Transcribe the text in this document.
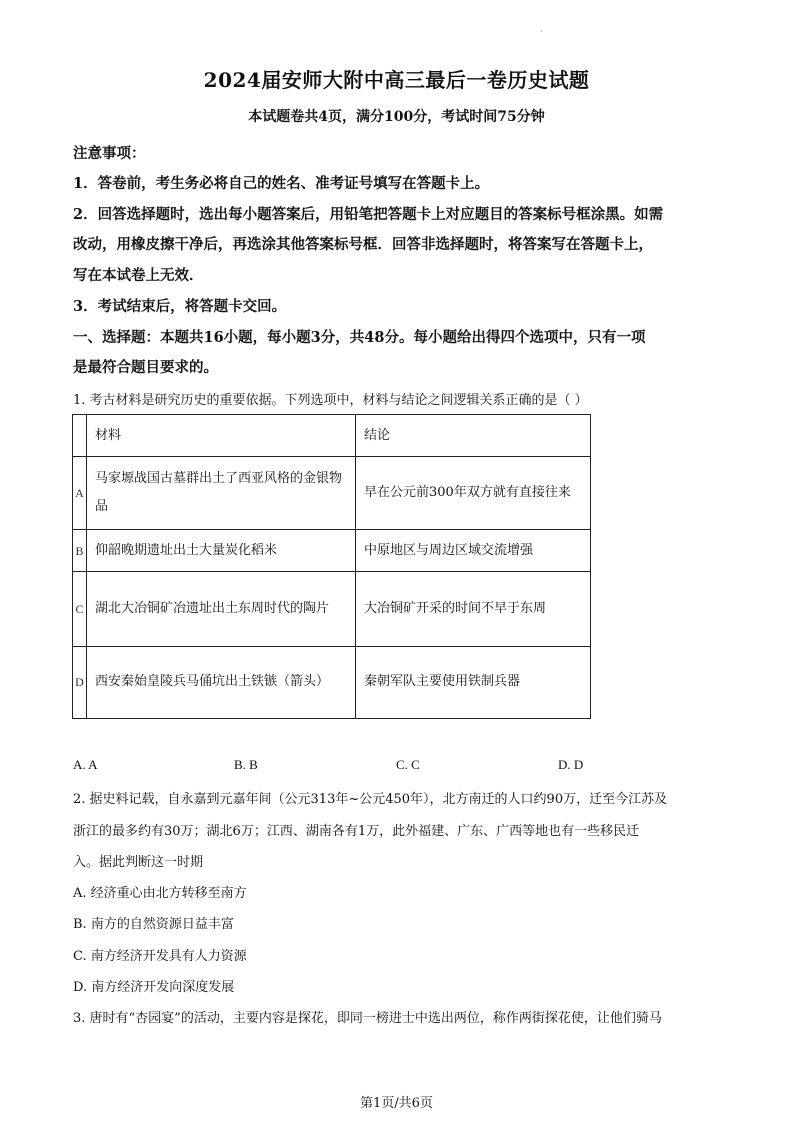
·
2024届安师大附中高三最后一卷历史试题
本试题卷共4页，满分100分，考试时间75分钟
注意事项：
1．答卷前，考生务必将自己的姓名、准考证号填写在答题卡上。
2．回答选择题时，选出每小题答案后，用铅笔把答题卡上对应题目的答案标号框涂黑。如需
改动，用橡皮擦干净后，再选涂其他答案标号框．回答非选择题时，将答案写在答题卡上，
写在本试卷上无效．
3．考试结束后，将答题卡交回。
一、选择题：本题共16小题，每小题3分，共48分。每小题给出得四个选项中，只有一项
是最符合题目要求的。
1. 考古材料是研究历史的重要依据。下列选项中，材料与结论之间逻辑关系正确的是（ ）
	材料	结论
A	马家塬战国古墓群出土了西亚风格的金银物品	早在公元前300年双方就有直接往来
B	仰韶晚期遗址出土大量炭化稻米	中原地区与周边区域交流增强
C	湖北大冶铜矿冶遗址出土东周时代的陶片	大冶铜矿开采的时间不早于东周
D	西安秦始皇陵兵马俑坑出土铁镞（箭头）	秦朝军队主要使用铁制兵器
A. A	B. B	C. C	D. D
2. 据史料记载，自永嘉到元嘉年间（公元313年~公元450年），北方南迁的人口约90万，迁至今江苏及
浙江的最多约有30万；湖北6万；江西、湖南各有1万，此外福建、广东、广西等地也有一些移民迁
入。据此判断这一时期
A. 经济重心由北方转移至南方
B. 南方的自然资源日益丰富
C. 南方经济开发具有人力资源
D. 南方经济开发向深度发展
3. 唐时有“杏园宴”的活动，主要内容是探花，即同一榜进士中选出两位，称作两街探花使，让他们骑马
第1页/共6页
